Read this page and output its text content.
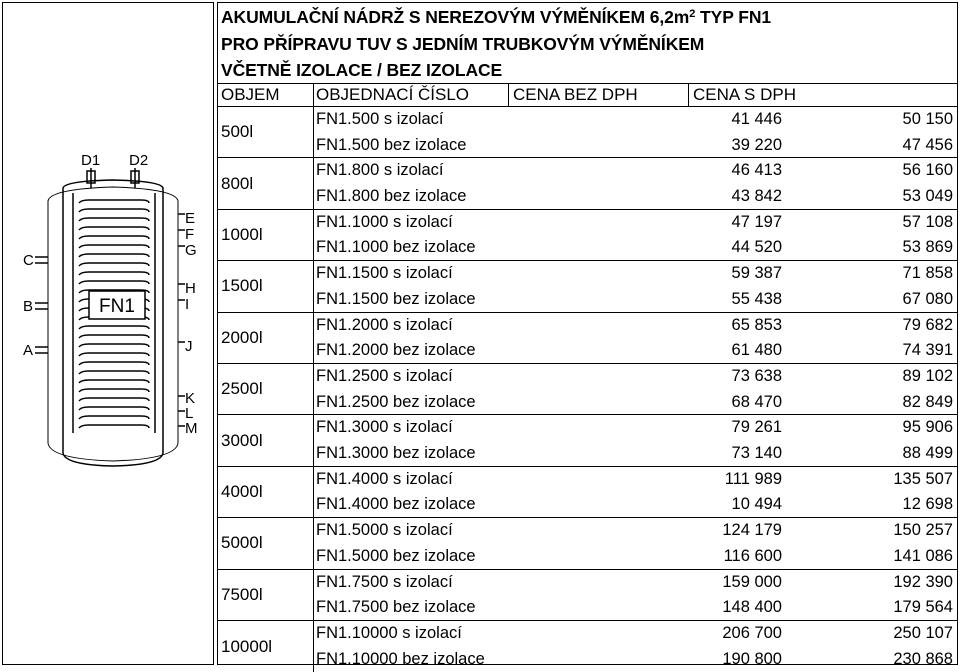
D1 D2
C
B
A
E
F
G
H
I
J
K
L
M
FN1
AKUMULAČNÍ NÁDRŽ S NEREZOVÝM VÝMĚNÍKEM $6,2m^2$ TYP FN1
PRO PŘÍPRAVU TUV S JEDNÍM TRUBKOVÝM VÝMĚNÍKEM
VČETNĚ IZOLACE / BEZ IZOLACE
OBJEM OBJEDNACÍ ČÍSLO	CENA BEZ DPH	CENA S DPH
500l
FN1.500 s izolací	41 446	50 150
FN1.500 bez izolace	39 220	47 456
800l
FN1.800 s izolací	46 413	56 160
FN1.800 bez izolace	43 842	53 049
1000l
FN1.1000 s izolací	47 197	57 108
FN1.1000 bez izolace	44 520	53 869
1500l
FN1.1500 s izolací	59 387	71 858
FN1.1500 bez izolace	55 438	67 080
2000l
FN1.2000 s izolací	65 853	79 682
FN1.2000 bez izolace	61 480	74 391
2500l
FN1.2500 s izolací	73 638	89 102
FN1.2500 bez izolace	68 470	82 849
3000l
FN1.3000 s izolací	79 261	95 906
FN1.3000 bez izolace	73 140	88 499
4000l
FN1.4000 s izolací	111 989	135 507
FN1.4000 bez izolace	10 494	12 698
5000l
FN1.5000 s izolací	124 179	150 257
FN1.5000 bez izolace	116 600	141 086
7500l
FN1.7500 s izolací	159 000	192 390
FN1.7500 bez izolace	148 400	179 564
10000l
FN1.10000 s izolací	206 700	250 107
FN1.10000 bez izolace	190 800	230 868
